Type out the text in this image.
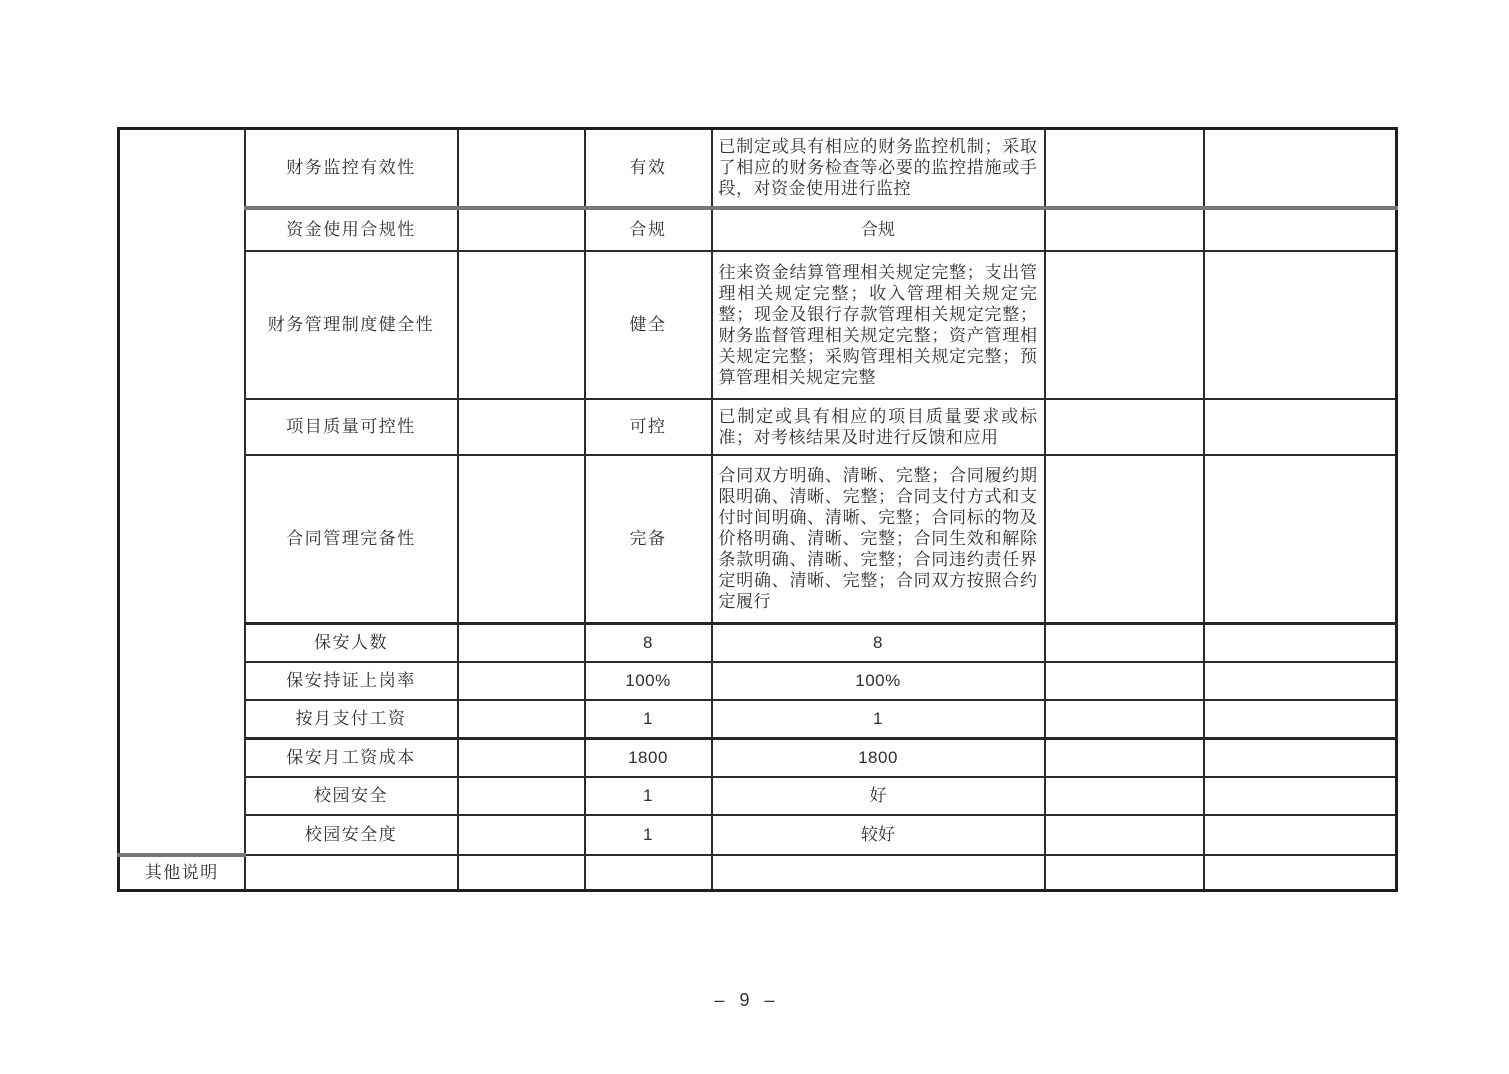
	财务监控有效性		有效	已制定或具有相应的财务监控机制；采取了相应的财务检查等必要的监控措施或手段，对资金使用进行监控		
	资金使用合规性		合规	合规		
	财务管理制度健全性		健全	往来资金结算管理相关规定完整；支出管理相关规定完整；收入管理相关规定完整；现金及银行存款管理相关规定完整；财务监督管理相关规定完整；资产管理相关规定完整；采购管理相关规定完整；预算管理相关规定完整		
	项目质量可控性		可控	已制定或具有相应的项目质量要求或标准；对考核结果及时进行反馈和应用		
	合同管理完备性		完备	合同双方明确、清晰、完整；合同履约期限明确、清晰、完整；合同支付方式和支付时间明确、清晰、完整；合同标的物及价格明确、清晰、完整；合同生效和解除条款明确、清晰、完整；合同违约责任界定明确、清晰、完整；合同双方按照合约定履行		
	保安人数		8	8		
	保安持证上岗率		100%	100%		
	按月支付工资		1	1		
	保安月工资成本		1800	1800		
	校园安全		1	好		
	校园安全度		1	较好		
其他说明						
– 9 –
